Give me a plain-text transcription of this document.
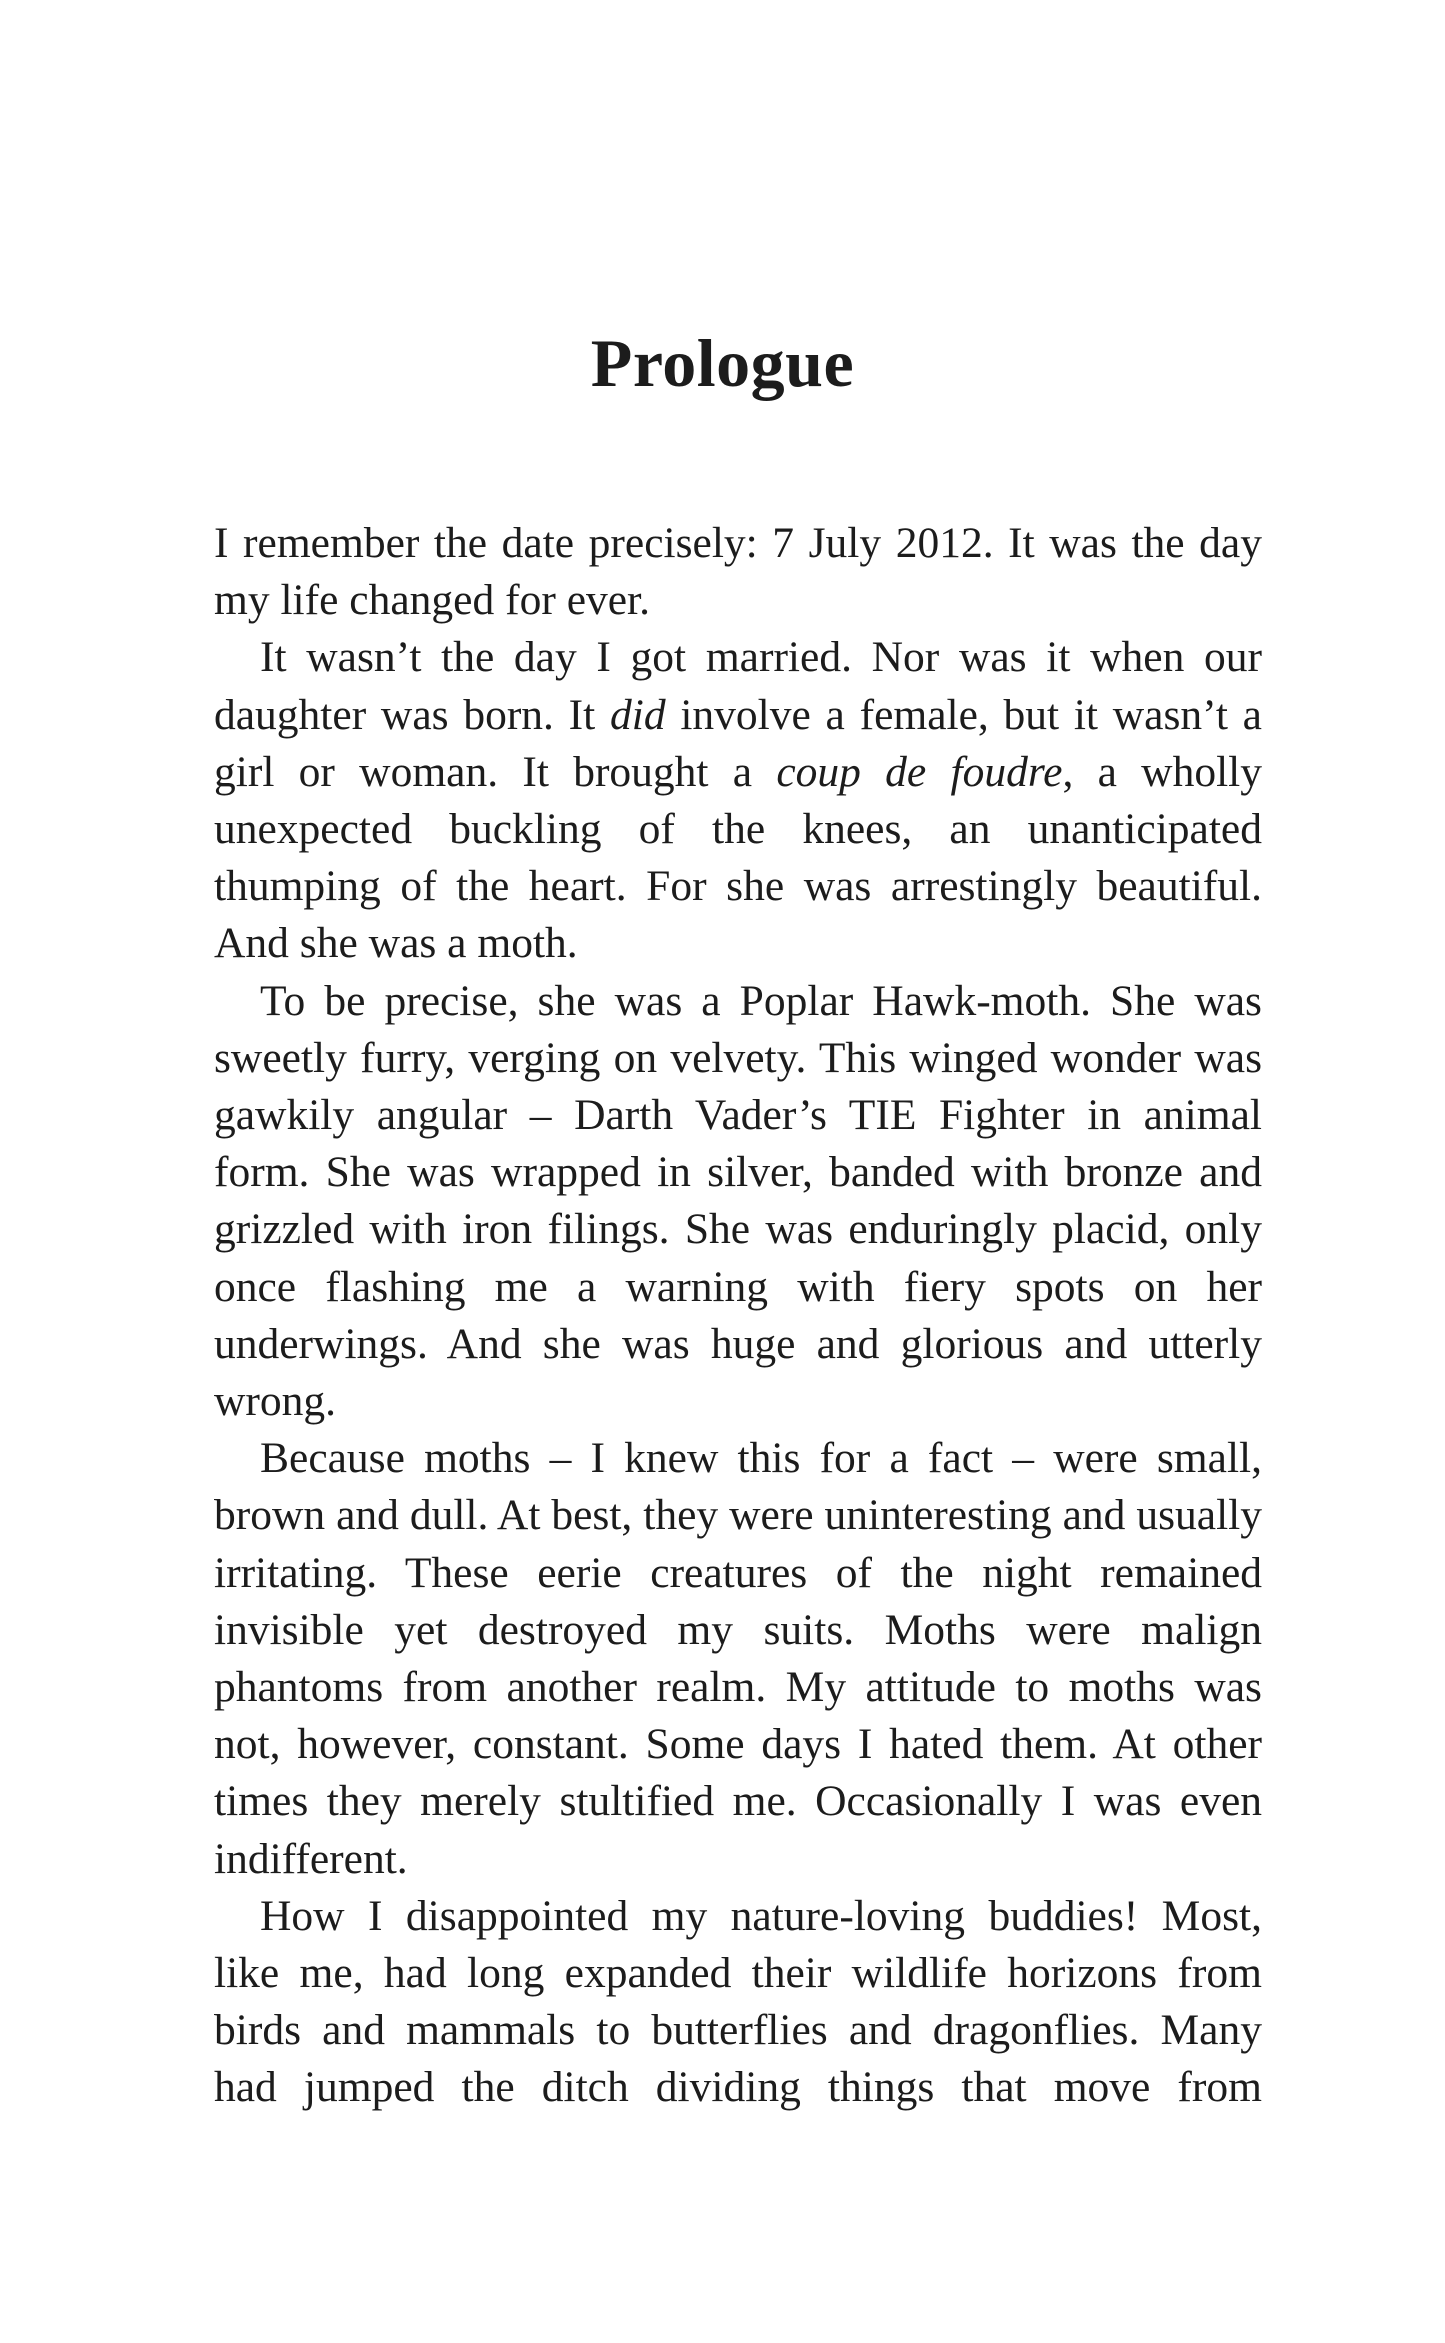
Prologue

I remember the date precisely: 7 July 2012. It was the day my life changed for ever.

It wasn’t the day I got married. Nor was it when our daughter was born. It did involve a female, but it wasn’t a girl or woman. It brought a coup de foudre, a wholly unexpected buckling of the knees, an unanticipated thumping of the heart. For she was arrestingly beautiful. And she was a moth.

To be precise, she was a Poplar Hawk-moth. She was sweetly furry, verging on velvety. This winged wonder was gawkily angular – Darth Vader’s TIE Fighter in animal form. She was wrapped in silver, banded with bronze and grizzled with iron filings. She was enduringly placid, only once flashing me a warning with fiery spots on her underwings. And she was huge and glorious and utterly wrong.

Because moths – I knew this for a fact – were small, brown and dull. At best, they were uninteresting and usually irritating. These eerie creatures of the night remained invisible yet destroyed my suits. Moths were malign phantoms from another realm. My attitude to moths was not, however, constant. Some days I hated them. At other times they merely stultified me. Occasionally I was even indifferent.

How I disappointed my nature-loving buddies! Most, like me, had long expanded their wildlife horizons from birds and mammals to butterflies and dragonflies. Many had jumped the ditch dividing things that move from
